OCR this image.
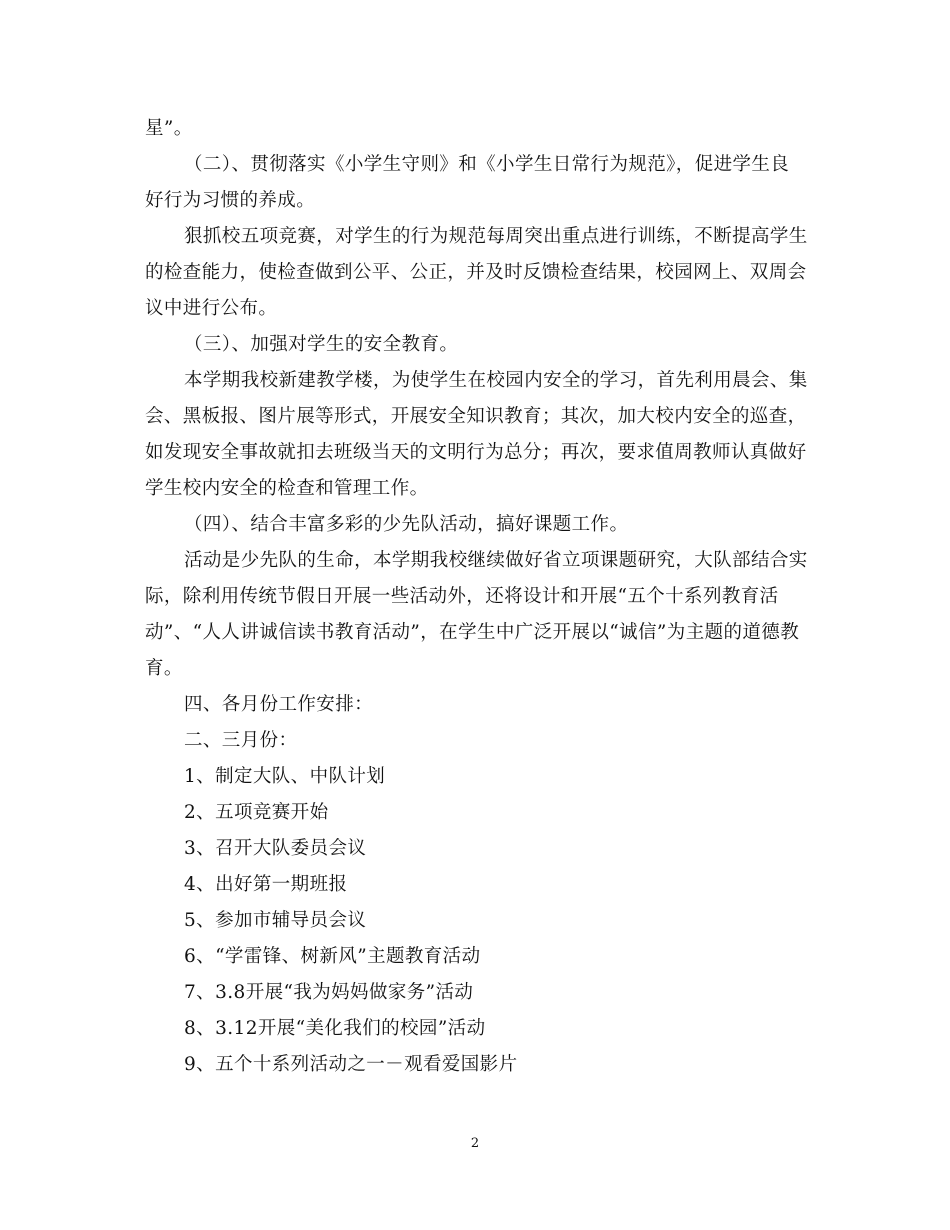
星”。
（二）、贯彻落实《小学生守则》和《小学生日常行为规范》，促进学生良
好行为习惯的养成。
狠抓校五项竞赛，对学生的行为规范每周突出重点进行训练，不断提高学生
的检查能力，使检查做到公平、公正，并及时反馈检查结果，校园网上、双周会
议中进行公布。
（三）、加强对学生的安全教育。
本学期我校新建教学楼，为使学生在校园内安全的学习，首先利用晨会、集
会、黑板报、图片展等形式，开展安全知识教育；其次，加大校内安全的巡查，
如发现安全事故就扣去班级当天的文明行为总分；再次，要求值周教师认真做好
学生校内安全的检查和管理工作。
（四）、结合丰富多彩的少先队活动，搞好课题工作。
活动是少先队的生命，本学期我校继续做好省立项课题研究，大队部结合实
际，除利用传统节假日开展一些活动外，还将设计和开展“五个十系列教育活
动”、“人人讲诚信读书教育活动”，在学生中广泛开展以“诚信”为主题的道德教
育。
四、各月份工作安排：
二、三月份：
1、制定大队、中队计划
2、五项竞赛开始
3、召开大队委员会议
4、出好第一期班报
5、参加市辅导员会议
6、“学雷锋、树新风”主题教育活动
7、3.8开展“我为妈妈做家务”活动
8、3.12开展“美化我们的校园”活动
9、五个十系列活动之一－观看爱国影片
2
